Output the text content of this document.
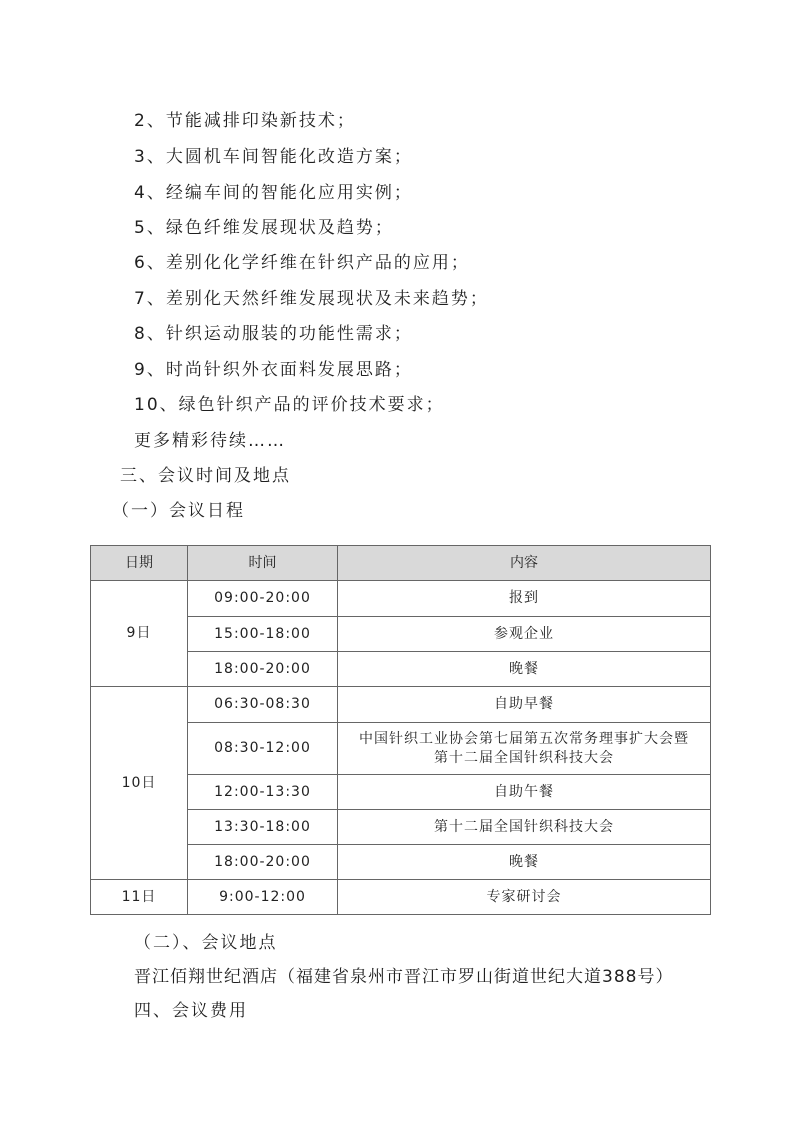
2、节能减排印染新技术；
3、大圆机车间智能化改造方案；
4、经编车间的智能化应用实例；
5、绿色纤维发展现状及趋势；
6、差别化化学纤维在针织产品的应用；
7、差别化天然纤维发展现状及未来趋势；
8、针织运动服装的功能性需求；
9、时尚针织外衣面料发展思路；
10、绿色针织产品的评价技术要求；
更多精彩待续……
三、会议时间及地点
（一）会议日程
日期	时间	内容
9日	09:00-20:00	报到
	15:00-18:00	参观企业
	18:00-20:00	晚餐
10日	06:30-08:30	自助早餐
	08:30-12:00	中国针织工业协会第七届第五次常务理事扩大会暨
第十二届全国针织科技大会

	12:00-13:30	自助午餐
	13:30-18:00	第十二届全国针织科技大会
	18:00-20:00	晚餐
11日	9:00-12:00	专家研讨会
（二）、会议地点
晋江佰翔世纪酒店（福建省泉州市晋江市罗山街道世纪大道388号）
四、会议费用
